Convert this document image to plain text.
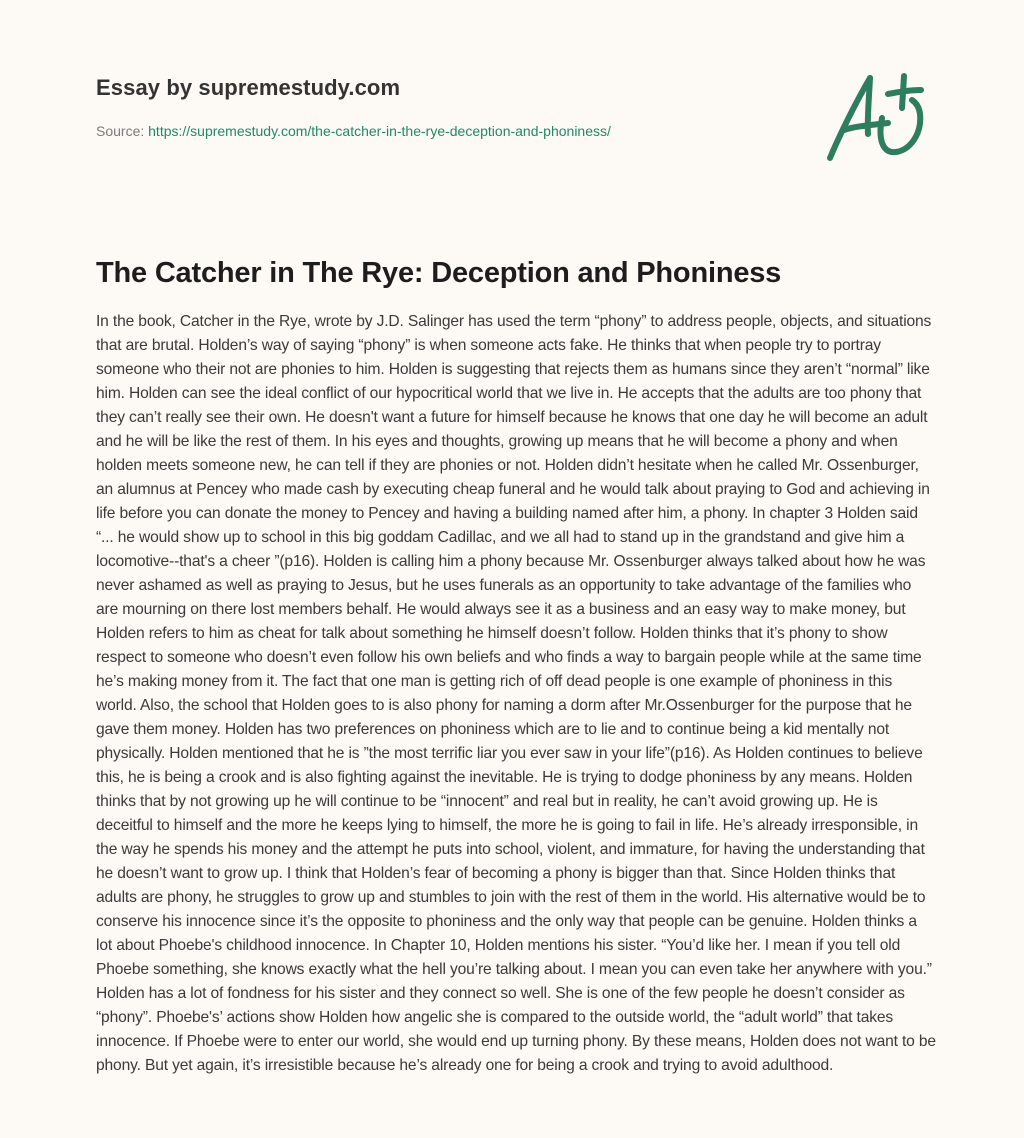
Essay by supremestudy.com
Source: https://supremestudy.com/the-catcher-in-the-rye-deception-and-phoniness/
The Catcher in The Rye: Deception and Phoniness

In the book, Catcher in the Rye, wrote by J.D. Salinger has used the term “phony” to address people, objects, and situations that are brutal. Holden’s way of saying “phony” is when someone acts fake. He thinks that when people try to portray someone who their not are phonies to him. Holden is suggesting that rejects them as humans since they aren’t “normal” like him. Holden can see the ideal conflict of our hypocritical world that we live in. He accepts that the adults are too phony that they can’t really see their own. He doesn't want a future for himself because he knows that one day he will become an adult and he will be like the rest of them. In his eyes and thoughts, growing up means that he will become a phony and when holden meets someone new, he can tell if they are phonies or not. Holden didn’t hesitate when he called Mr. Ossenburger, an alumnus at Pencey who made cash by executing cheap funeral and he would talk about praying to God and achieving in life before you can donate the money to Pencey and having a building named after him, a phony. In chapter 3 Holden said “... he would show up to school in this big goddam Cadillac, and we all had to stand up in the grandstand and give him a locomotive--that's a cheer ”(p16). Holden is calling him a phony because Mr. Ossenburger always talked about how he was never ashamed as well as praying to Jesus, but he uses funerals as an opportunity to take advantage of the families who are mourning on there lost members behalf. He would always see it as a business and an easy way to make money, but Holden refers to him as cheat for talk about something he himself doesn’t follow. Holden thinks that it’s phony to show respect to someone who doesn’t even follow his own beliefs and who finds a way to bargain people while at the same time he’s making money from it. The fact that one man is getting rich of off dead people is one example of phoniness in this world. Also, the school that Holden goes to is also phony for naming a dorm after Mr.Ossenburger for the purpose that he gave them money. Holden has two preferences on phoniness which are to lie and to continue being a kid mentally not physically. Holden mentioned that he is ”the most terrific liar you ever saw in your life”(p16). As Holden continues to believe this, he is being a crook and is also fighting against the inevitable. He is trying to dodge phoniness by any means. Holden thinks that by not growing up he will continue to be “innocent” and real but in reality, he can’t avoid growing up. He is deceitful to himself and the more he keeps lying to himself, the more he is going to fail in life. He’s already irresponsible, in the way he spends his money and the attempt he puts into school, violent, and immature, for having the understanding that he doesn’t want to grow up. I think that Holden’s fear of becoming a phony is bigger than that. Since Holden thinks that adults are phony, he struggles to grow up and stumbles to join with the rest of them in the world. His alternative would be to conserve his innocence since it’s the opposite to phoniness and the only way that people can be genuine. Holden thinks a lot about Phoebe's childhood innocence. In Chapter 10, Holden mentions his sister. “You’d like her. I mean if you tell old Phoebe something, she knows exactly what the hell you’re talking about. I mean you can even take her anywhere with you.” Holden has a lot of fondness for his sister and they connect so well. She is one of the few people he doesn’t consider as “phony”. Phoebe's’ actions show Holden how angelic she is compared to the outside world, the “adult world” that takes innocence. If Phoebe were to enter our world, she would end up turning phony. By these means, Holden does not want to be phony. But yet again, it’s irresistible because he’s already one for being a crook and trying to avoid adulthood.
